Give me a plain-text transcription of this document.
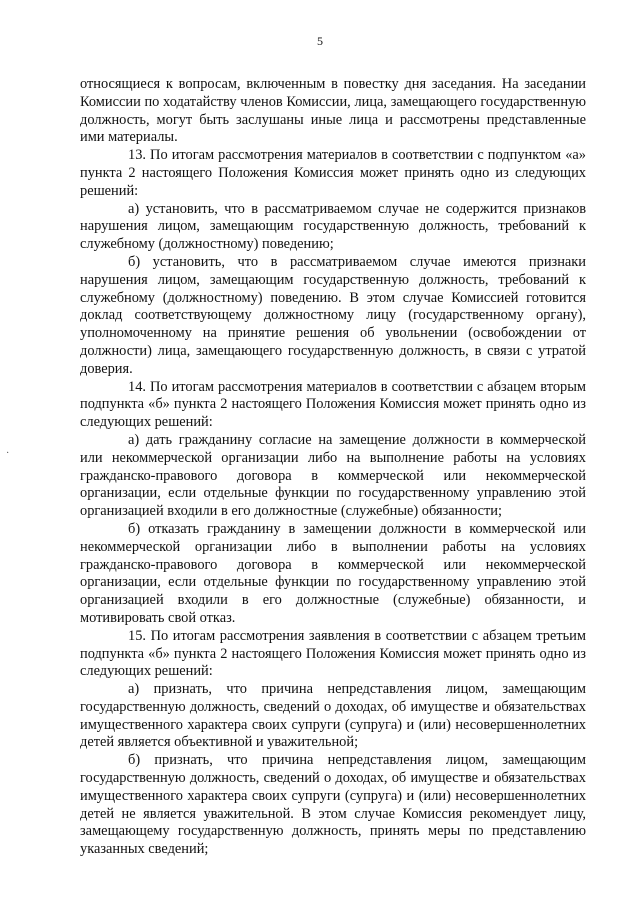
5
·

относящиеся к вопросам, включенным в повестку дня заседания. На заседании Комиссии по ходатайству членов Комиссии, лица, замещающего государственную должность, могут быть заслушаны иные лица и рассмотрены представленные ими материалы.

13. По итогам рассмотрения материалов в соответствии с подпунктом «а» пункта 2 настоящего Положения Комиссия может принять одно из следующих решений:

а) установить, что в рассматриваемом случае не содержится признаков нарушения лицом, замещающим государственную должность, требований к служебному (должностному) поведению;

б) установить, что в рассматриваемом случае имеются признаки нарушения лицом, замещающим государственную должность, требований к служебному (должностному) поведению. В этом случае Комиссией готовится доклад соответствующему должностному лицу (государственному органу), уполномоченному на принятие решения об увольнении (освобождении от должности) лица, замещающего государственную должность, в связи с утратой доверия.

14. По итогам рассмотрения материалов в соответствии с абзацем вторым подпункта «б» пункта 2 настоящего Положения Комиссия может принять одно из следующих решений:

а) дать гражданину согласие на замещение должности в коммерческой или некоммерческой организации либо на выполнение работы на условиях гражданско-правового договора в коммерческой или некоммерческой организации, если отдельные функции по государственному управлению этой организацией входили в его должностные (служебные) обязанности;

б) отказать гражданину в замещении должности в коммерческой или некоммерческой организации либо в выполнении работы на условиях гражданско-правового договора в коммерческой или некоммерческой организации, если отдельные функции по государственному управлению этой организацией входили в его должностные (служебные) обязанности, и мотивировать свой отказ.

15. По итогам рассмотрения заявления в соответствии с абзацем третьим подпункта «б» пункта 2 настоящего Положения Комиссия может принять одно из следующих решений:

а) признать, что причина непредставления лицом, замещающим государственную должность, сведений о доходах, об имуществе и обязательствах имущественного характера своих супруги (супруга) и (или) несовершеннолетних детей является объективной и уважительной;

б) признать, что причина непредставления лицом, замещающим государственную должность, сведений о доходах, об имуществе и обязательствах имущественного характера своих супруги (супруга) и (или) несовершеннолетних детей не является уважительной. В этом случае Комиссия рекомендует лицу, замещающему государственную должность, принять меры по представлению указанных сведений;
